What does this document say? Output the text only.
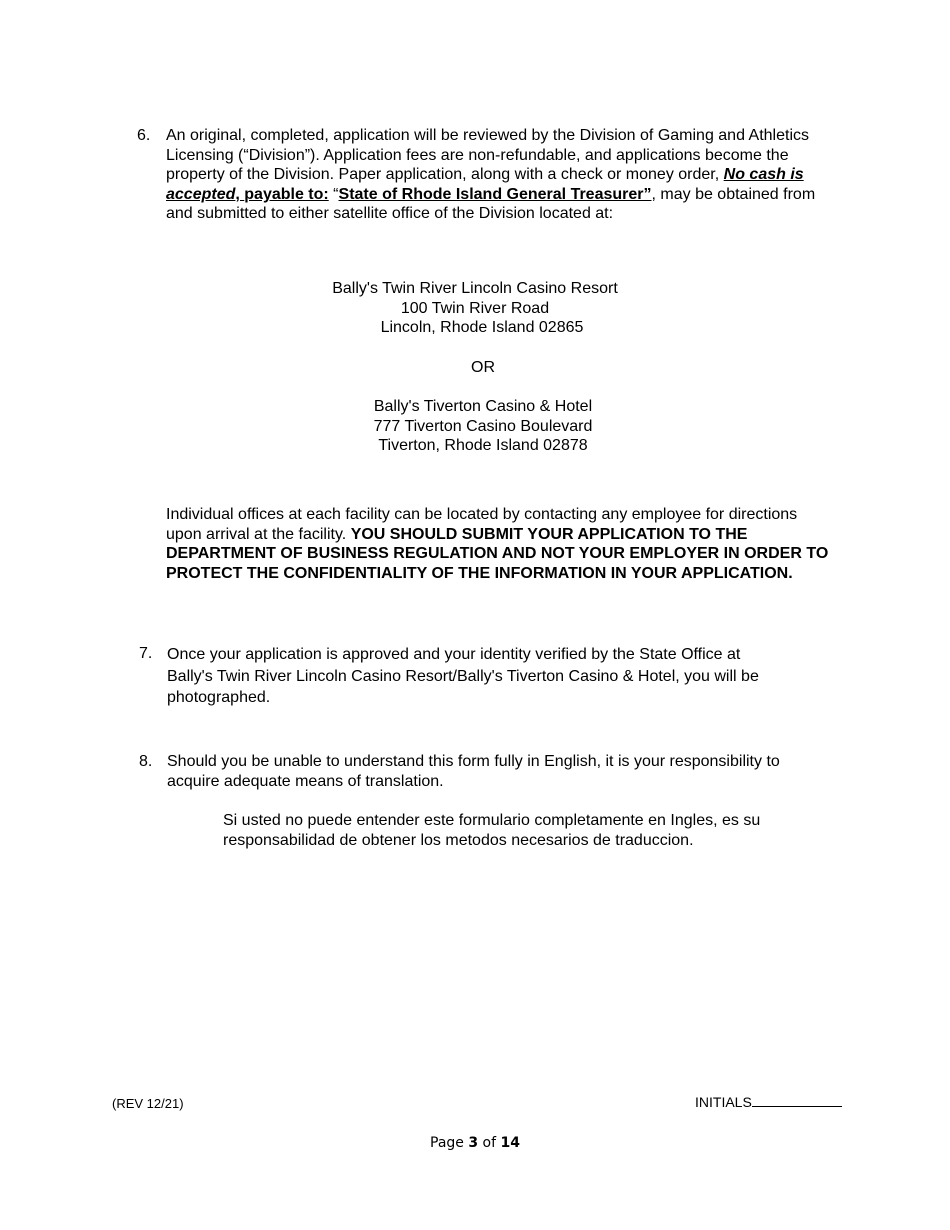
6. An original, completed, application will be reviewed by the Division of Gaming and Athletics Licensing (“Division”). Application fees are non-refundable, and applications become the property of the Division. Paper application, along with a check or money order, No cash is accepted, payable to: “State of Rhode Island General Treasurer”, may be obtained from and submitted to either satellite office of the Division located at:
Bally's Twin River Lincoln Casino Resort
100 Twin River Road
Lincoln, Rhode Island 02865
OR
Bally's Tiverton Casino & Hotel
777 Tiverton Casino Boulevard
Tiverton, Rhode Island 02878
Individual offices at each facility can be located by contacting any employee for directions upon arrival at the facility. YOU SHOULD SUBMIT YOUR APPLICATION TO THE DEPARTMENT OF BUSINESS REGULATION AND NOT YOUR EMPLOYER IN ORDER TO PROTECT THE CONFIDENTIALITY OF THE INFORMATION IN YOUR APPLICATION.
7. Once your application is approved and your identity verified by the State Office at Bally's Twin River Lincoln Casino Resort/Bally's Tiverton Casino & Hotel, you will be photographed.
8. Should you be unable to understand this form fully in English, it is your responsibility to acquire adequate means of translation.
Si usted no puede entender este formulario completamente en Ingles, es su responsabilidad de obtener los metodos necesarios de traduccion.
(REV 12/21)	INITIALS
Page 3 of 14
